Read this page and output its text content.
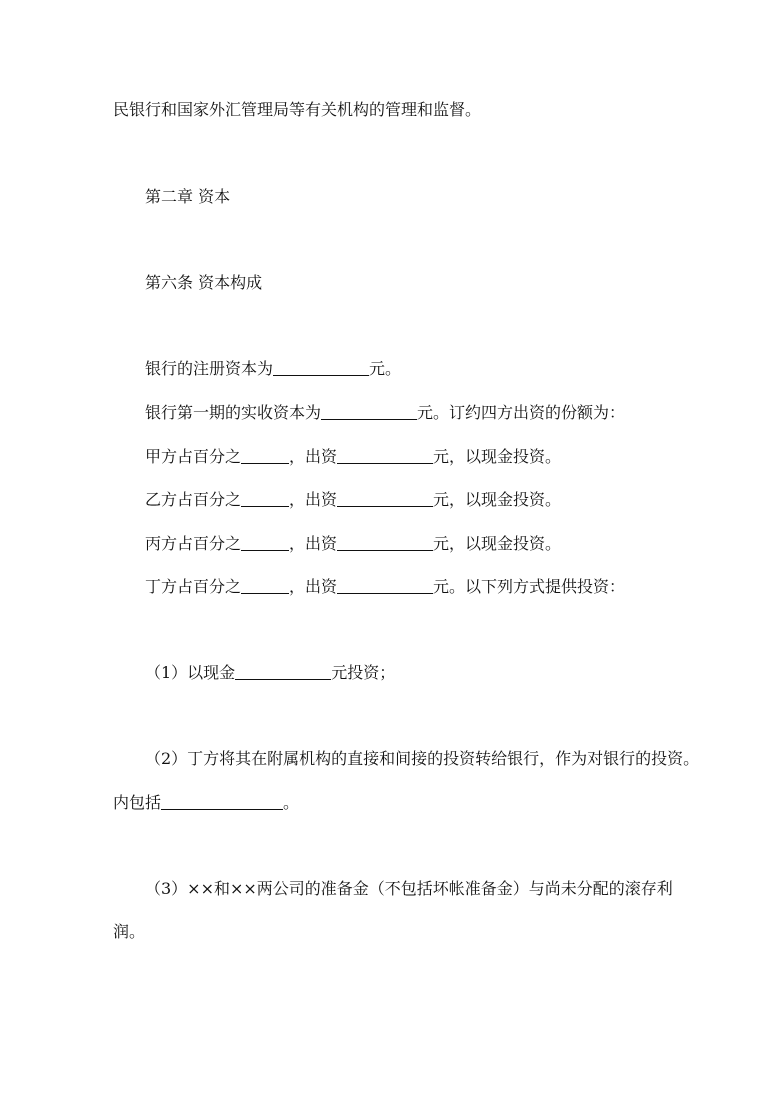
民银行和国家外汇管理局等有关机构的管理和监督。
第二章 资本
第六条 资本构成
银行的注册资本为	元。
银行第一期的实收资本为	元。订约四方出资的份额为：
甲方占百分之	，出资	元，以现金投资。
乙方占百分之	，出资	元，以现金投资。
丙方占百分之	，出资	元，以现金投资。
丁方占百分之	，出资	元。以下列方式提供投资：
（1）以现金	元投资；
（2）丁方将其在附属机构的直接和间接的投资转给银行，作为对银行的投资。
内包括	。
（3）××和××两公司的准备金（不包括坏帐准备金）与尚未分配的滚存利
润。
